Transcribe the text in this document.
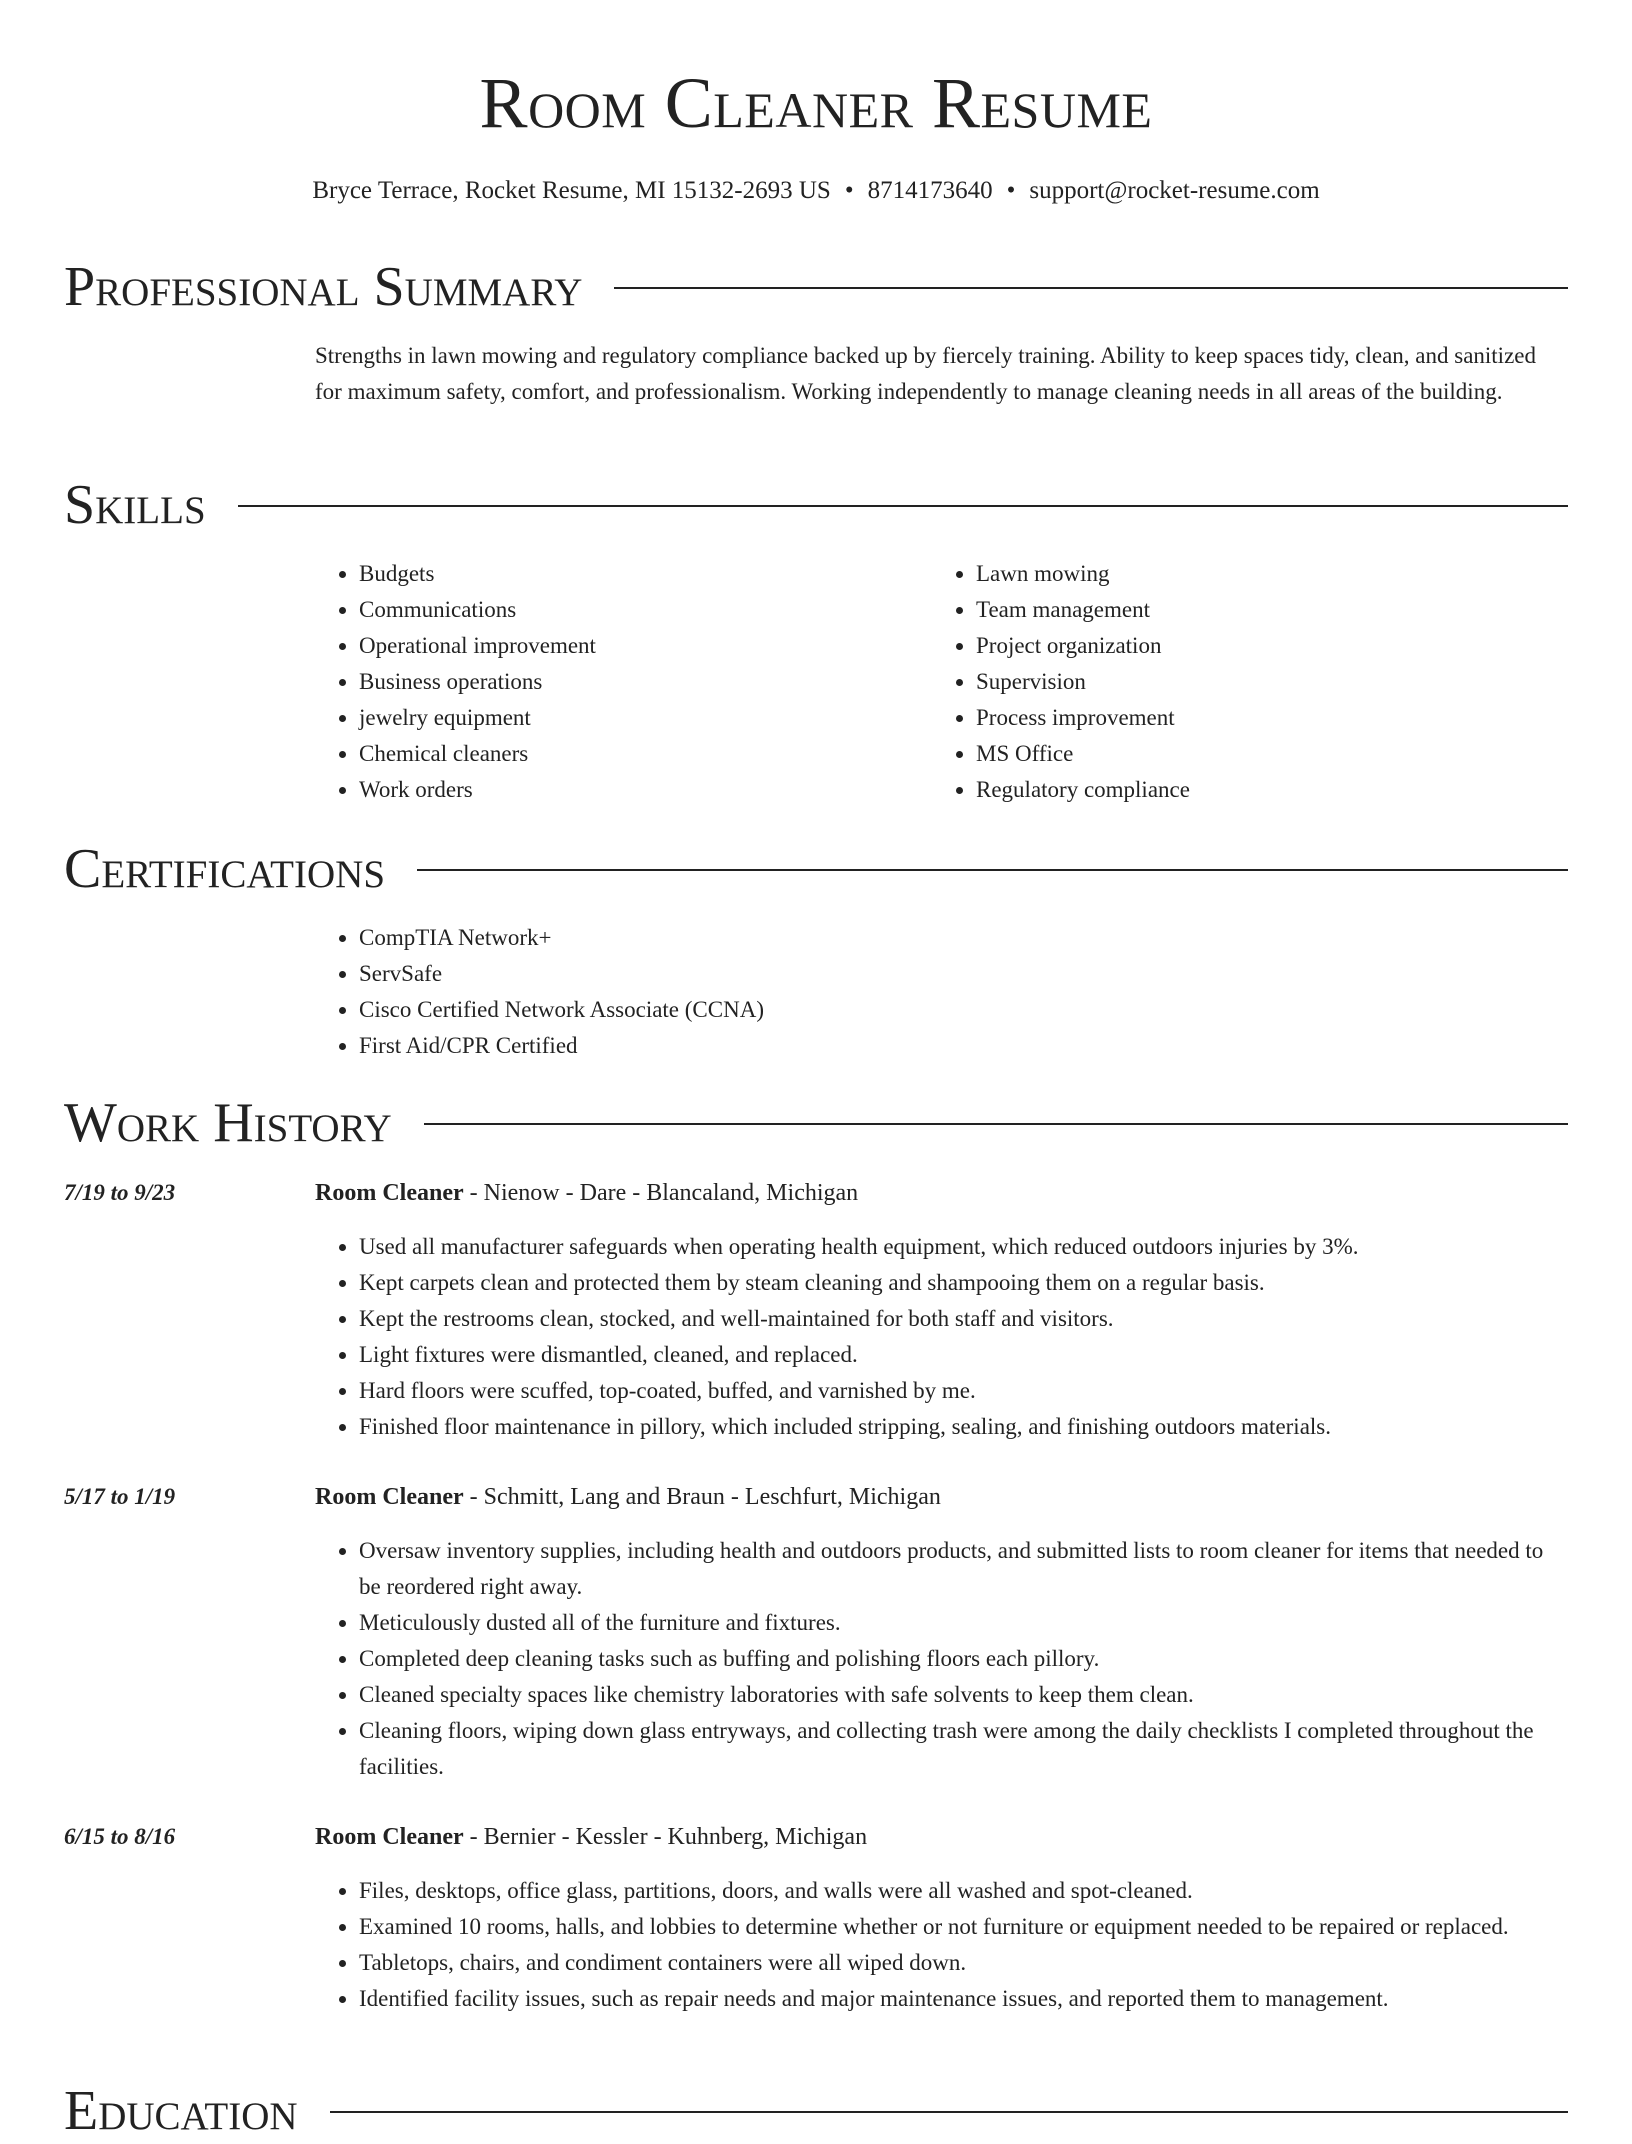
Room Cleaner Resume
Bryce Terrace, Rocket Resume, MI 15132-2693 US • 8714173640 • support@rocket-resume.com
Professional Summary
Strengths in lawn mowing and regulatory compliance backed up by fiercely training. Ability to keep spaces tidy, clean, and sanitized for maximum safety, comfort, and professionalism. Working independently to manage cleaning needs in all areas of the building.
Skills
• Budgets
• Communications
• Operational improvement
• Business operations
• jewelry equipment
• Chemical cleaners
• Work orders
• Lawn mowing
• Team management
• Project organization
• Supervision
• Process improvement
• MS Office
• Regulatory compliance
Certifications
• CompTIA Network+
• ServSafe
• Cisco Certified Network Associate (CCNA)
• First Aid/CPR Certified
Work History
7/19 to 9/23	Room Cleaner - Nienow - Dare - Blancaland, Michigan
• Used all manufacturer safeguards when operating health equipment, which reduced outdoors injuries by 3%.
• Kept carpets clean and protected them by steam cleaning and shampooing them on a regular basis.
• Kept the restrooms clean, stocked, and well-maintained for both staff and visitors.
• Light fixtures were dismantled, cleaned, and replaced.
• Hard floors were scuffed, top-coated, buffed, and varnished by me.
• Finished floor maintenance in pillory, which included stripping, sealing, and finishing outdoors materials.
5/17 to 1/19	Room Cleaner - Schmitt, Lang and Braun - Leschfurt, Michigan
• Oversaw inventory supplies, including health and outdoors products, and submitted lists to room cleaner for items that needed to be reordered right away.
• Meticulously dusted all of the furniture and fixtures.
• Completed deep cleaning tasks such as buffing and polishing floors each pillory.
• Cleaned specialty spaces like chemistry laboratories with safe solvents to keep them clean.
• Cleaning floors, wiping down glass entryways, and collecting trash were among the daily checklists I completed throughout the facilities.
6/15 to 8/16	Room Cleaner - Bernier - Kessler - Kuhnberg, Michigan
• Files, desktops, office glass, partitions, doors, and walls were all washed and spot-cleaned.
• Examined 10 rooms, halls, and lobbies to determine whether or not furniture or equipment needed to be repaired or replaced.
• Tabletops, chairs, and condiment containers were all wiped down.
• Identified facility issues, such as repair needs and major maintenance issues, and reported them to management.
Education
